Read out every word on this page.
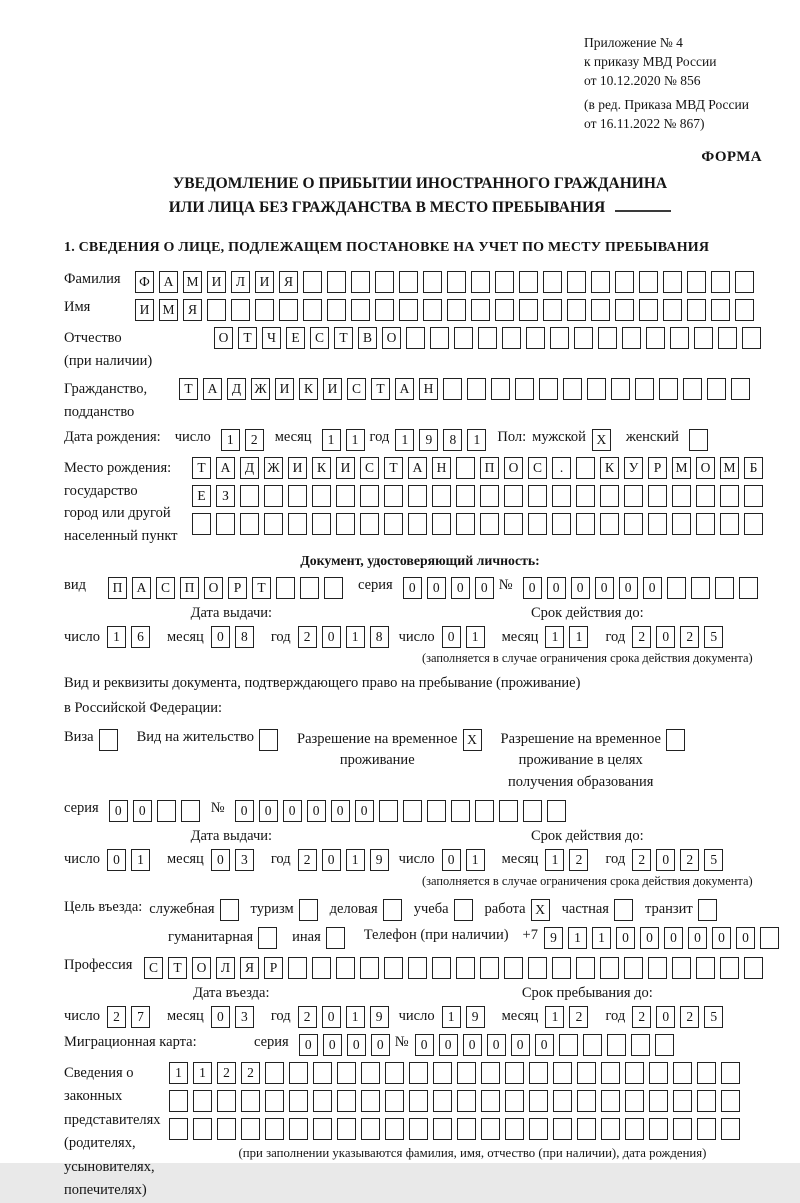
Приложение № 4
к приказу МВД России
от 10.12.2020 № 856
(в ред. Приказа МВД России
от 16.11.2022 № 867)
ФОРМА
УВЕДОМЛЕНИЕ О ПРИБЫТИИ ИНОСТРАННОГО ГРАЖДАНИНА
ИЛИ ЛИЦА БЕЗ ГРАЖДАНСТВА В МЕСТО ПРЕБЫВАНИЯ
1. СВЕДЕНИЯ О ЛИЦЕ, ПОДЛЕЖАЩЕМ ПОСТАНОВКЕ НА УЧЕТ ПО МЕСТУ ПРЕБЫВАНИЯ
Фамилия	Ф	А М И	Л	И	Я
Имя	И М Я
Отчество
(при наличии)
О	Т	Ч	Е	С	Т	В	О
Гражданство,
подданство
Т	А	Д Ж И	К	И	С	Т	А	Н
Дата рождения: число	1	2	месяц	1	1 год 1	9	8	1	Пол: мужской X	женский
Место рождения:
государство
город или другой
населенный пункт
Т	А	Д Ж И	К	И	С	Т	А	Н	П	О	С	.	К	У	Р	М О М	Б
Е	З
Документ, удостоверяющий личность:
вид	П	А	С	П	О	Р	Т	серия	0	0	0	0 №	0	0	0	0	0	0
Дата выдачи:
число 1	6	месяц 0	8	год 2	0	1	8
Срок действия до:
число 0	1	месяц 1	1	год 2	0	2	5
(заполняется в случае ограничения срока действия документа)
Вид и реквизиты документа, подтверждающего право на пребывание (проживание)
в Российской Федерации:
Виза	Вид на жительство	Разрешение на временное
проживание
X	Разрешение на временное
проживание в целях
получения образования
серия	0	0	№	0	0	0	0	0	0
Дата выдачи:
число 0	1	месяц 0	3	год 2	0	1	9
Срок действия до:
число 0	1	месяц 1	2	год 2	0	2	5
(заполняется в случае ограничения срока действия документа)
Цель въезда: служебная туризм деловая учеба работа X	частная транзит
гуманитарная	иная	Телефон (при наличии) +7 9	1	1	0	0	0	0	0	0
Профессия	С	Т	О	Л	Я	Р
Дата въезда:
число 2	7	месяц 0	3	год 2	0	1	9
Срок пребывания до:
число 1	9	месяц 1	2	год 2	0	2	5
Миграционная карта:	серия	0	0	0	0 № 0	0	0	0	0	0
Сведения о
законных
представителях
(родителях,
усыновителях,
попечителях)
1	1	2	2
(при заполнении указываются фамилия, имя, отчество (при наличии), дата рождения)
